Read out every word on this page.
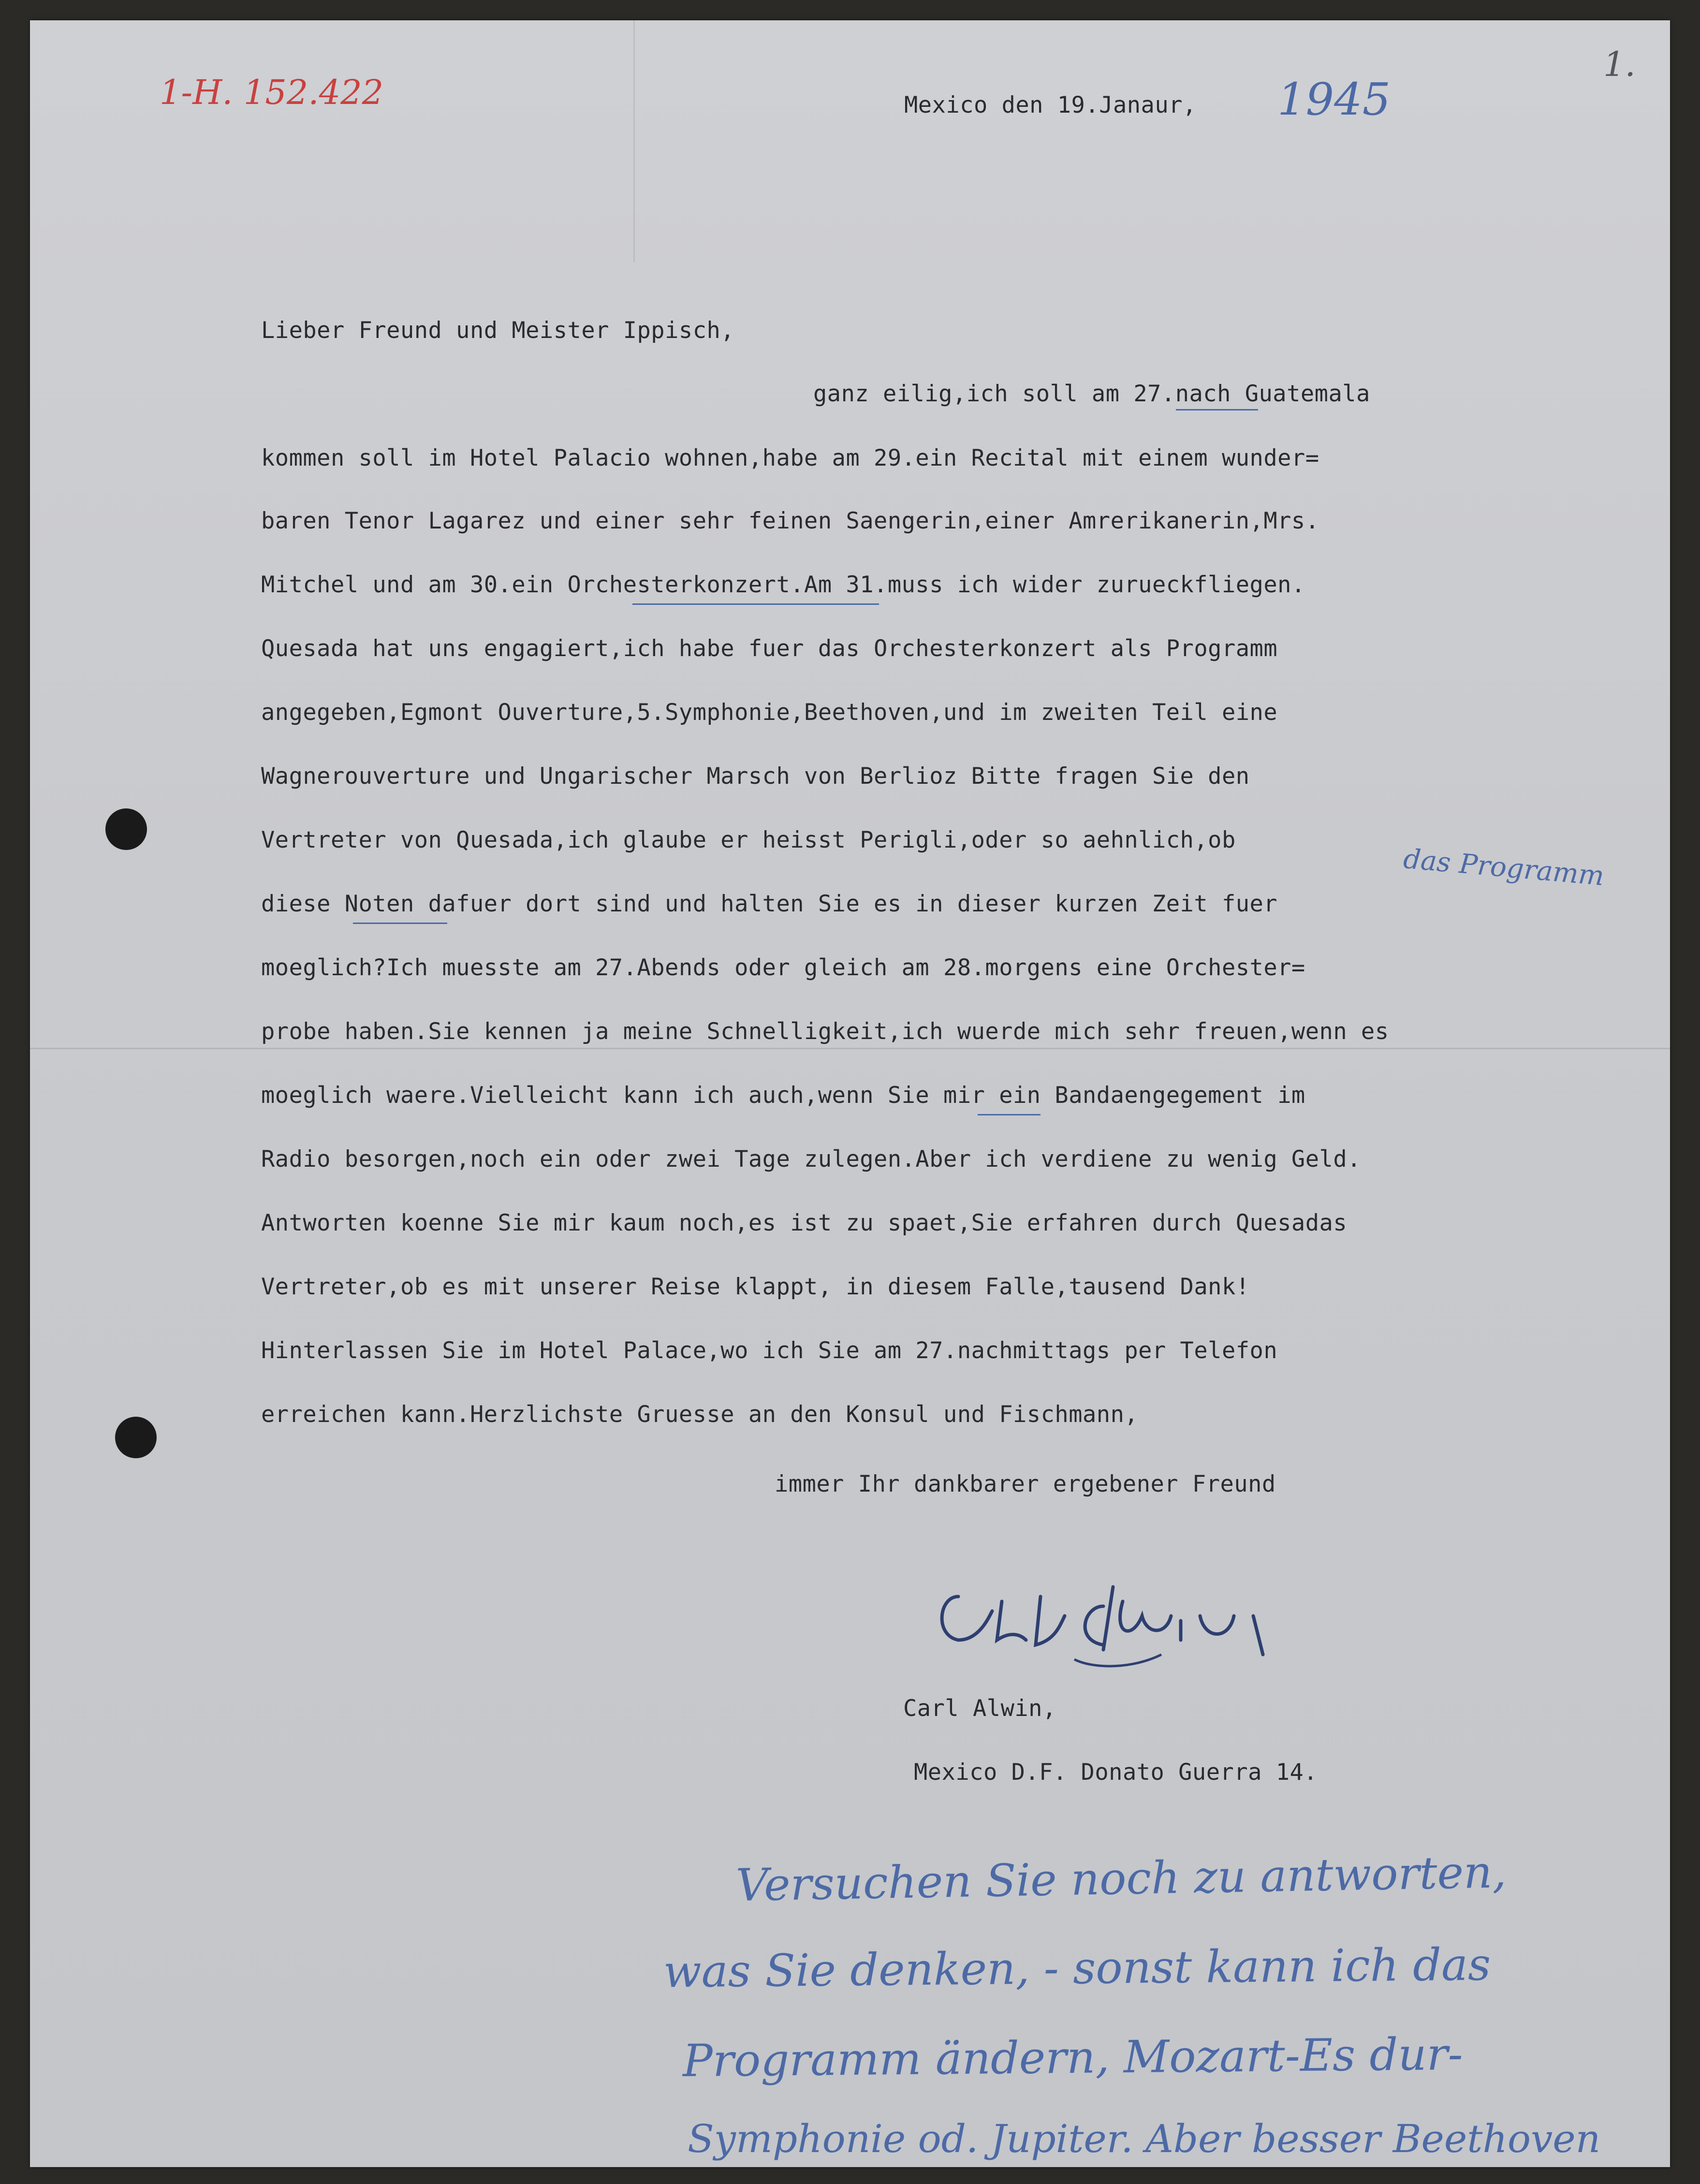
1-H. 152.422
1.
Mexico den 19.Janaur, 1945
Lieber Freund und Meister Ippisch,
ganz eilig,ich soll am 27.nach Guatemala
kommen soll im Hotel Palacio wohnen,habe am 29.ein Recital mit einem wunder=
baren Tenor Lagarez und einer sehr feinen Saengerin,einer Amrerikanerin,Mrs.
Mitchel und am 30.ein Orchesterkonzert.Am 31.muss ich wider zurueckfliegen.
Quesada hat uns engagiert,ich habe fuer das Orchesterkonzert als Programm
angegeben,Egmont Ouverture,5.Symphonie,Beethoven,und im zweiten Teil eine
Wagnerouverture und Ungarischer Marsch von Berlioz Bitte fragen Sie den
Vertreter von Quesada,ich glaube er heisst Perigli,oder so aehnlich,ob
diese Noten dafuer dort sind und halten Sie es in dieser kurzen Zeit fuer
moeglich?Ich muesste am 27.Abends oder gleich am 28.morgens eine Orchester=
probe haben.Sie kennen ja meine Schnelligkeit,ich wuerde mich sehr freuen,wenn es
moeglich waere.Vielleicht kann ich auch,wenn Sie mir ein Bandaengegement im
Radio besorgen,noch ein oder zwei Tage zulegen.Aber ich verdiene zu wenig Geld.
Antworten koenne Sie mir kaum noch,es ist zu spaet,Sie erfahren durch Quesadas
Vertreter,ob es mit unserer Reise klappt, in diesem Falle,tausend Dank!
Hinterlassen Sie im Hotel Palace,wo ich Sie am 27.nachmittags per Telefon
erreichen kann.Herzlichste Gruesse an den Konsul und Fischmann,
das Programm
immer Ihr dankbarer ergebener Freund
Carl Alwin,
Mexico D.F. Donato Guerra 14.
Versuchen Sie noch zu antworten,
was Sie denken, - sonst kann ich das
Programm ändern, Mozart-Es dur-
Symphonie od. Jupiter. Aber besser Beethoven
